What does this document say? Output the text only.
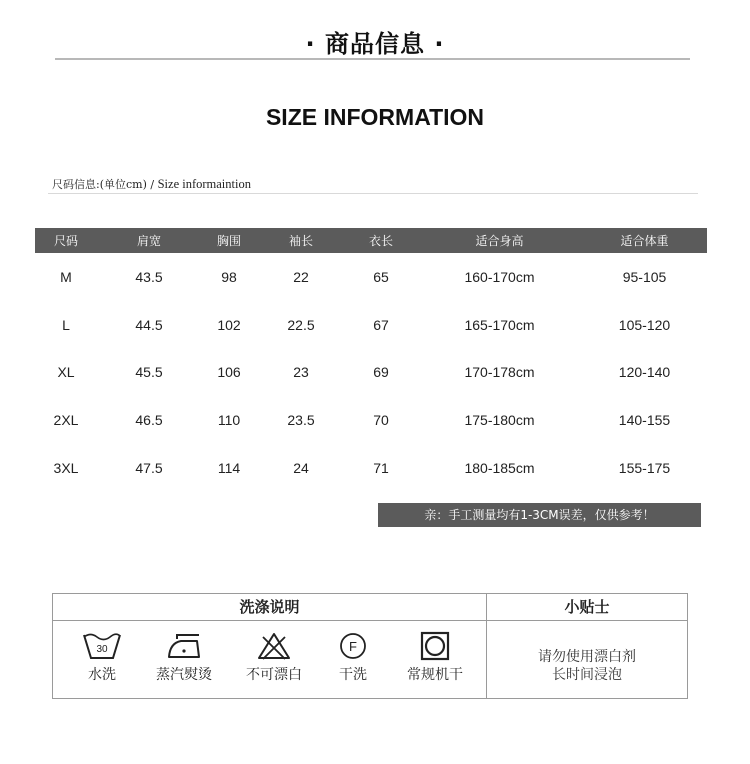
· 商品信息 ·
SIZE INFORMATION
尺码信息:(单位cm) / Size informaintion
尺码	肩宽	胸围	袖长	衣长	适合身高	适合体重
M	43.5	98	22	65	160-170cm	95-105
L	44.5	102	22.5	67	165-170cm	105-120
XL	45.5	106	23	69	170-178cm	120-140
2XL	46.5	110	23.5	70	175-180cm	140-155
3XL	47.5	114	24	71	180-185cm	155-175
亲：手工测量均有1-3CM误差，仅供参考！
洗涤说明	小贴士
30
水洗	蒸汽熨烫	不可漂白
F
干洗	常规机干
请勿使用漂白剂
长时间浸泡
